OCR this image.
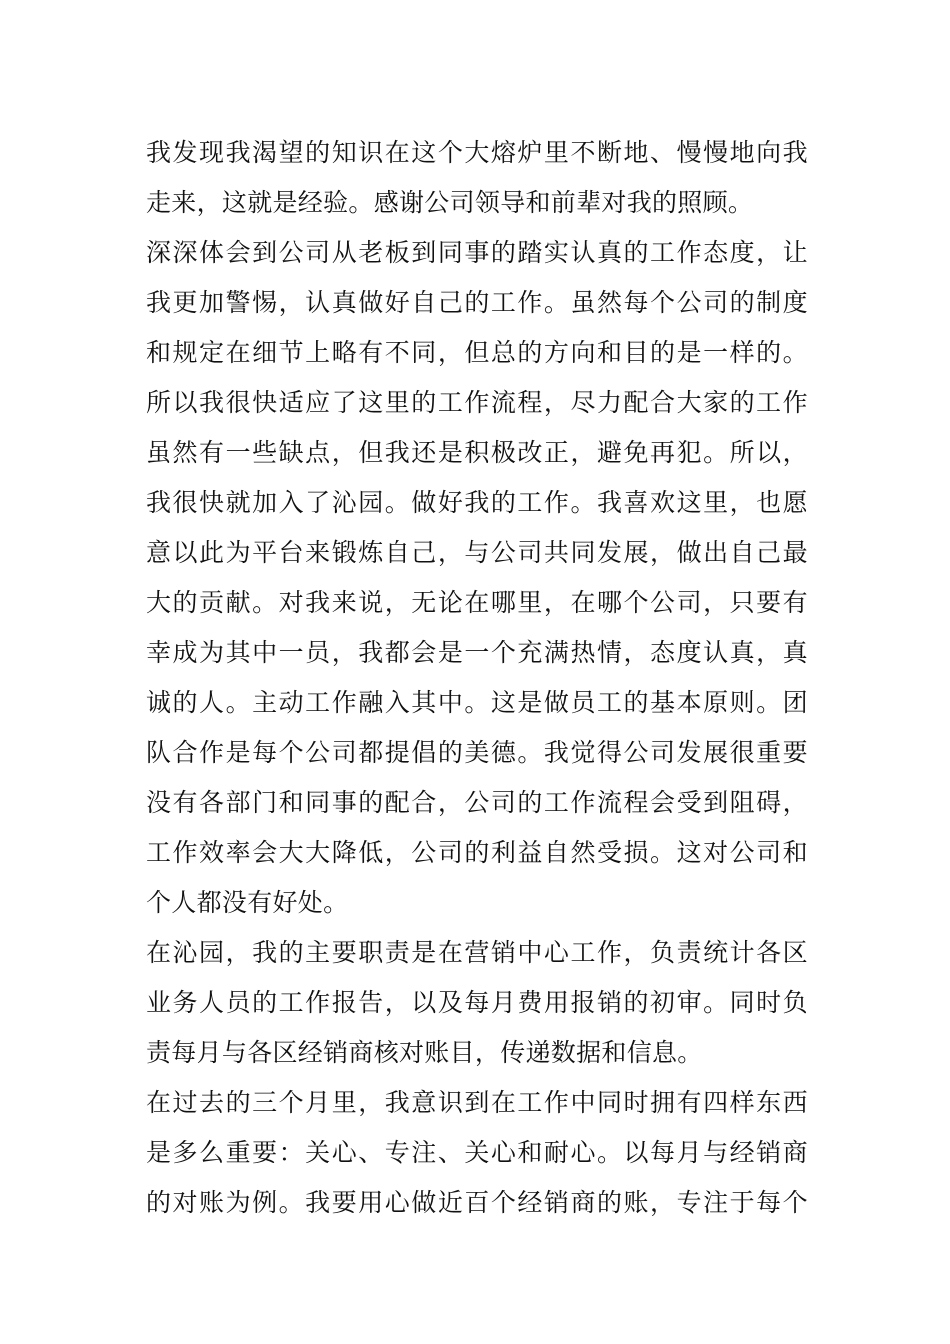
我发现我渴望的知识在这个大熔炉里不断地、慢慢地向我
走来，这就是经验。感谢公司领导和前辈对我的照顾。
深深体会到公司从老板到同事的踏实认真的工作态度，让
我更加警惕，认真做好自己的工作。虽然每个公司的制度
和规定在细节上略有不同，但总的方向和目的是一样的。
所以我很快适应了这里的工作流程，尽力配合大家的工作
虽然有一些缺点，但我还是积极改正，避免再犯。所以，
我很快就加入了沁园。做好我的工作。我喜欢这里，也愿
意以此为平台来锻炼自己，与公司共同发展，做出自己最
大的贡献。对我来说，无论在哪里，在哪个公司，只要有
幸成为其中一员，我都会是一个充满热情，态度认真，真
诚的人。主动工作融入其中。这是做员工的基本原则。团
队合作是每个公司都提倡的美德。我觉得公司发展很重要
没有各部门和同事的配合，公司的工作流程会受到阻碍，
工作效率会大大降低，公司的利益自然受损。这对公司和
个人都没有好处。
在沁园，我的主要职责是在营销中心工作，负责统计各区
业务人员的工作报告，以及每月费用报销的初审。同时负
责每月与各区经销商核对账目，传递数据和信息。
在过去的三个月里，我意识到在工作中同时拥有四样东西
是多么重要：关心、专注、关心和耐心。以每月与经销商
的对账为例。我要用心做近百个经销商的账，专注于每个
